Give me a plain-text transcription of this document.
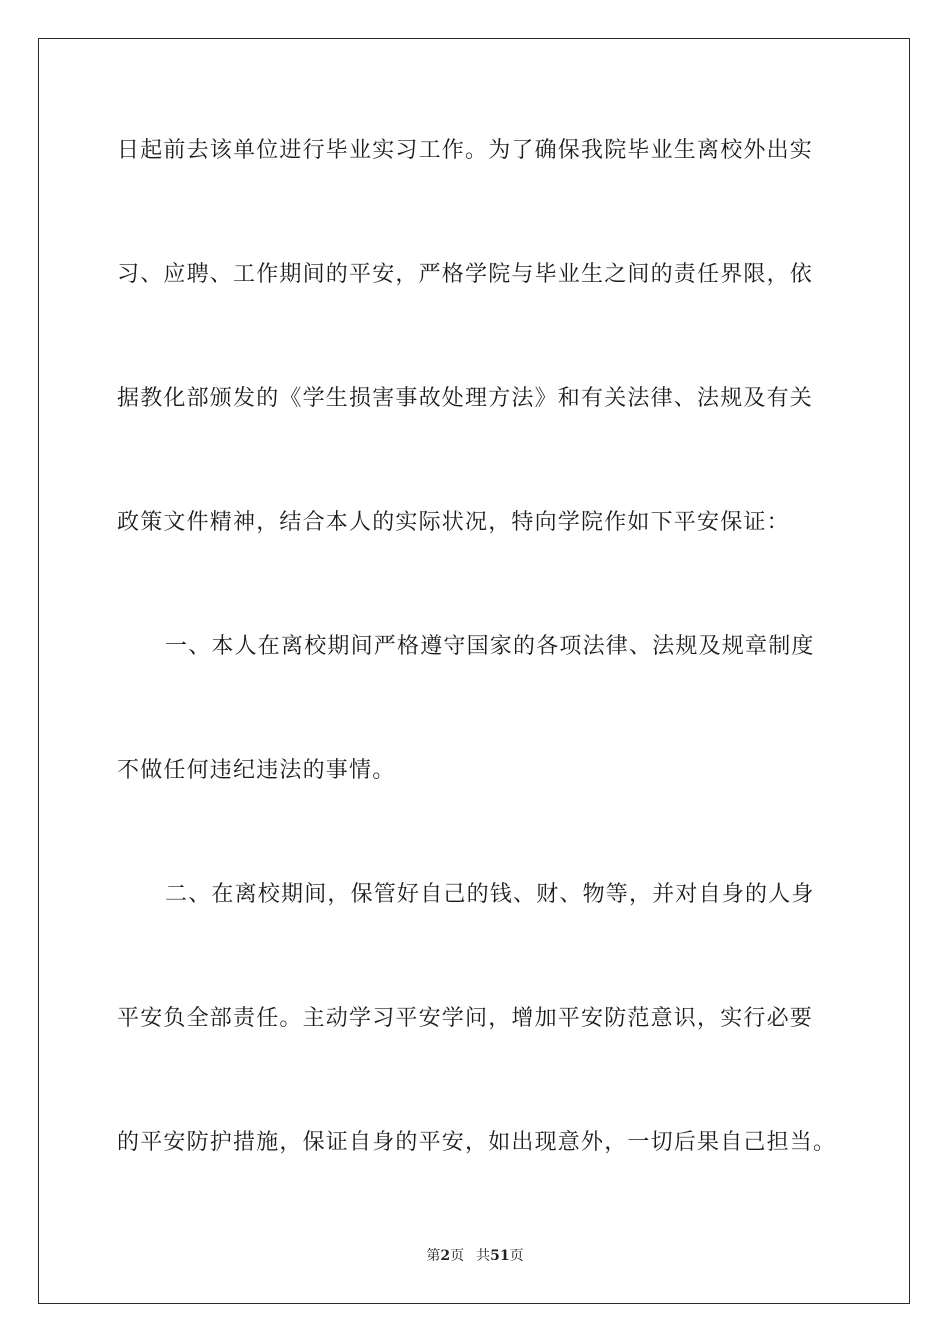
日起前去该单位进行毕业实习工作。为了确保我院毕业生离校外出实
习、应聘、工作期间的平安，严格学院与毕业生之间的责任界限，依
据教化部颁发的《学生损害事故处理方法》和有关法律、法规及有关
政策文件精神，结合本人的实际状况，特向学院作如下平安保证：
一、本人在离校期间严格遵守国家的各项法律、法规及规章制度
不做任何违纪违法的事情。
二、在离校期间，保管好自己的钱、财、物等，并对自身的人身
平安负全部责任。主动学习平安学问，增加平安防范意识，实行必要
的平安防护措施，保证自身的平安，如出现意外，一切后果自己担当。
第2页 共51页
